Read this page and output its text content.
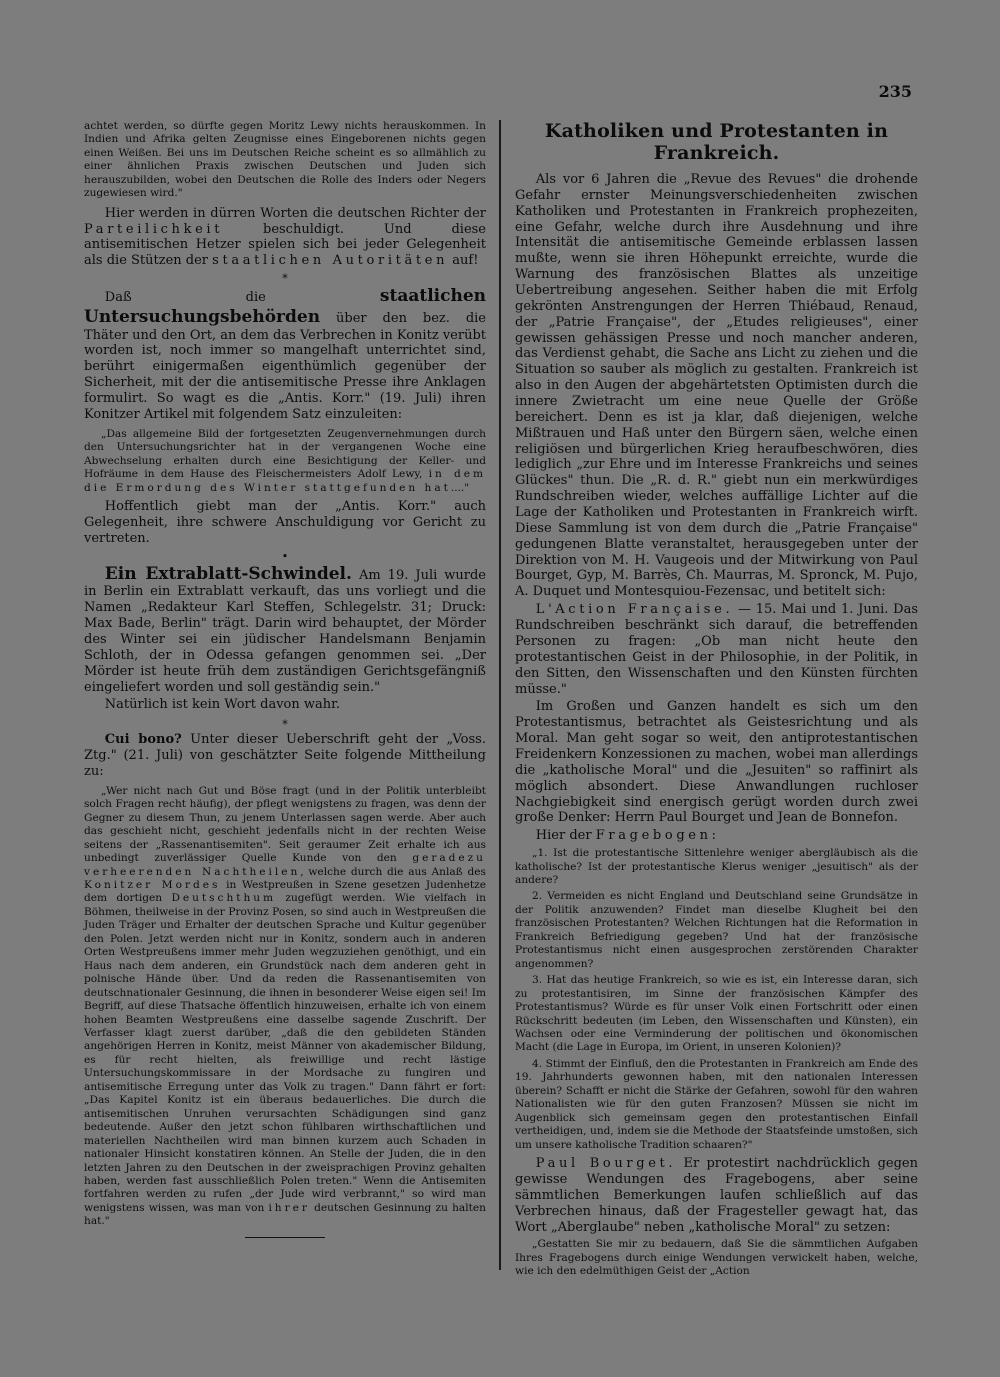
235

achtet werden, so dürfte gegen Moritz Lewy nichts herauskommen. In Indien und Afrika gelten Zeugnisse eines Eingeborenen nichts gegen einen Weißen. Bei uns im Deutschen Reiche scheint es so allmählich zu einer ähnlichen Praxis zwischen Deutschen und Juden sich herauszubilden, wobei den Deutschen die Rolle des Inders oder Negers zugewiesen wird."

Hier werden in dürren Worten die deutschen Richter der Parteilichkeit	beschuldigt. Und diese antisemitischen Hetzer spielen sich bei jeder Gelegenheit als die Stützen der staatlichen Autoritäten auf!

*

Daß die	staatlichen Untersuchungsbehörden über den bez. die Thäter und den Ort, an dem das Verbrechen in Konitz verübt worden ist, noch immer so mangelhaft unterrichtet sind, berührt einigermaßen eigenthümlich gegenüber der Sicherheit, mit der die antisemitische Presse ihre Anklagen formulirt. So wagt es die „Antis. Korr." (19. Juli) ihren Konitzer Artikel mit folgendem Satz einzuleiten:

„Das allgemeine Bild der fortgesetzten Zeugenvernehmungen durch den Untersuchungsrichter hat in der vergangenen Woche eine Abwechselung erhalten durch eine Besichtigung der Keller- und Hofräume in dem Hause des Fleischermeisters Adolf Lewy, in dem die Ermordung des Winter stattgefunden hat...."

Hoffentlich giebt man der „Antis. Korr." auch Gelegenheit, ihre schwere Anschuldigung vor Gericht zu vertreten.

•

Ein Extrablatt-Schwindel. Am 19. Juli wurde in Berlin ein Extrablatt verkauft, das uns vorliegt und die Namen „Redakteur Karl Steffen, Schlegelstr. 31; Druck: Max Bade, Berlin" trägt. Darin wird behauptet, der Mörder des Winter sei ein jüdischer Handelsmann Benjamin Schloth, der in Odessa gefangen genommen sei. „Der Mörder ist heute früh dem zuständigen Gerichtsgefängniß eingeliefert worden und soll geständig sein."

Natürlich ist kein Wort davon wahr.

*

Cui bono? Unter dieser Ueberschrift geht der „Voss. Ztg." (21. Juli) von geschätzter Seite folgende Mittheilung zu:

„Wer nicht nach Gut und Böse fragt (und in der Politik unterbleibt solch Fragen recht häufig), der pflegt wenigstens zu fragen, was denn der Gegner zu diesem Thun, zu jenem Unterlassen sagen werde. Aber auch das geschieht nicht, geschieht jedenfalls nicht in der rechten Weise seitens der „Rassenantisemiten". Seit geraumer Zeit erhalte ich aus unbedingt zuverlässiger Quelle Kunde von den geradezu verheerenden Nachtheilen, welche durch die aus Anlaß des Konitzer Mordes in Westpreußen in Szene gesetzen Judenhetze dem dortigen Deutschthum zugefügt werden. Wie vielfach in Böhmen, theilweise in der Provinz Posen, so sind auch in Westpreußen die Juden Träger und Erhalter der deutschen Sprache und Kultur gegenüber den Polen. Jetzt werden nicht nur in Konitz, sondern auch in anderen Orten Westpreußens immer mehr Juden wegzuziehen genöthigt, und ein Haus nach dem anderen, ein Grundstück nach dem anderen geht in polnische Hände über. Und da reden die Rassenantisemiten von deutschnationaler Gesinnung, die ihnen in besonderer Weise eigen sei! Im Begriff, auf diese Thatsache öffentlich hinzuweisen, erhalte ich von einem hohen Beamten Westpreußens eine dasselbe sagende Zuschrift. Der Verfasser klagt zuerst darüber, „daß die den gebildeten Ständen angehörigen Herren in Konitz, meist Männer von akademischer Bildung, es für recht hielten, als freiwillige und recht lästige Untersuchungskommissare in der Mordsache zu fungiren und antisemitische Erregung unter das Volk zu tragen." Dann fährt er fort: „Das Kapitel Konitz ist ein überaus bedauerliches. Die durch die antisemitischen Unruhen verursachten Schädigungen sind ganz bedeutende. Außer den jetzt schon fühlbaren wirthschaftlichen und materiellen Nachtheilen wird man binnen kurzem auch Schaden in nationaler Hinsicht konstatiren können. An Stelle der Juden, die in den letzten Jahren zu den Deutschen in der zweisprachigen Provinz gehalten haben, werden fast ausschließlich Polen treten." Wenn die Antisemiten fortfahren werden zu rufen „der Jude wird verbrannt," so wird man wenigstens wissen, was man von ihrer deutschen Gesinnung zu halten hat."

Katholiken und Protestanten in Frankreich.

Als vor 6 Jahren die „Revue des Revues" die drohende Gefahr ernster Meinungsverschiedenheiten zwischen Katholiken und Protestanten in Frankreich prophezeiten, eine Gefahr, welche durch ihre Ausdehnung und ihre Intensität die antisemitische Gemeinde erblassen lassen mußte, wenn sie ihren Höhepunkt erreichte, wurde die Warnung des französischen Blattes als unzeitige Uebertreibung angesehen. Seither haben die mit Erfolg gekrönten Anstrengungen der Herren Thiébaud, Renaud, der „Patrie Française", der „Etudes religieuses", einer gewissen gehässigen Presse und noch mancher anderen, das Verdienst gehabt, die Sache ans Licht zu ziehen und die Situation so sauber als möglich zu gestalten. Frankreich ist also in den Augen der abgehärtetsten Optimisten durch die innere Zwietracht um eine neue Quelle der Größe bereichert. Denn es ist ja klar, daß diejenigen, welche Mißtrauen und Haß unter den Bürgern säen, welche einen religiösen und bürgerlichen Krieg heraufbeschwören, dies lediglich „zur Ehre und im Interesse Frankreichs und seines Glückes" thun. Die „R. d. R." giebt nun ein merkwürdiges Rundschreiben wieder, welches auffällige Lichter auf die Lage der Katholiken und Protestanten in Frankreich wirft. Diese Sammlung ist von dem durch die „Patrie Française" gedungenen Blatte veranstaltet, herausgegeben unter der Direktion von M. H. Vaugeois und der Mitwirkung von Paul Bourget, Gyp, M. Barrès, Ch. Maurras, M. Spronck, M. Pujo, A. Duquet und Montesquiou-Fezensac, und betitelt sich:

L'Action Française. — 15. Mai und 1. Juni. Das Rundschreiben beschränkt sich darauf, die betreffenden Personen zu fragen: „Ob man nicht heute den protestantischen Geist in der Philosophie, in der Politik, in den Sitten, den Wissenschaften und den Künsten fürchten müsse."

Im Großen und Ganzen handelt es sich um den Protestantismus, betrachtet als Geistesrichtung und als Moral. Man geht sogar so weit, den antiprotestantischen Freidenkern Konzessionen zu machen, wobei man allerdings die „katholische Moral" und die „Jesuiten" so raffinirt als möglich absondert. Diese Anwandlungen ruchloser Nachgiebigkeit sind energisch gerügt worden durch zwei große Denker: Herrn Paul Bourget und Jean de Bonnefon.

Hier der Fragebogen:

„1. Ist die protestantische Sittenlehre weniger abergläubisch als die katholische? Ist der protestantische Klerus weniger „jesuitisch" als der andere?

2. Vermeiden es nicht England und Deutschland seine Grundsätze in der Politik anzuwenden? Findet man dieselbe Klugheit bei den französischen Protestanten? Welchen Richtungen hat die Reformation in Frankreich Befriedigung gegeben? Und hat der französische Protestantismus nicht einen ausgesprochen zerstörenden Charakter angenommen?

3. Hat das heutige Frankreich, so wie es ist, ein Interesse daran, sich zu protestantisiren, im Sinne der französischen Kämpfer des Protestantismus? Würde es für unser Volk einen Fortschritt oder einen Rückschritt bedeuten (im Leben, den Wissenschaften und Künsten), ein Wachsen oder eine Verminderung der politischen und ökonomischen Macht (die Lage in Europa, im Orient, in unseren Kolonien)?

4. Stimmt der Einfluß, den die Protestanten in Frankreich am Ende des 19. Jahrhunderts gewonnen haben, mit den nationalen Interessen überein? Schafft er nicht die Stärke der Gefahren, sowohl für den wahren Nationalisten wie für den guten Franzosen? Müssen sie nicht im Augenblick sich gemeinsam gegen den protestantischen Einfall vertheidigen, und, indem sie die Methode der Staatsfeinde umstoßen, sich um unsere katholische Tradition schaaren?"

Paul Bourget. Er protestirt nachdrücklich gegen gewisse Wendungen des Fragebogens, aber seine sämmtlichen Bemerkungen laufen schließlich auf das Verbrechen hinaus, daß der Fragesteller gewagt hat, das Wort „Aberglaube" neben „katholische Moral" zu setzen:

„Gestatten Sie mir zu bedauern, daß Sie die sämmtlichen Aufgaben Ihres Fragebogens durch einige Wendungen verwickelt haben, welche, wie ich den edelmüthigen Geist der „Action
